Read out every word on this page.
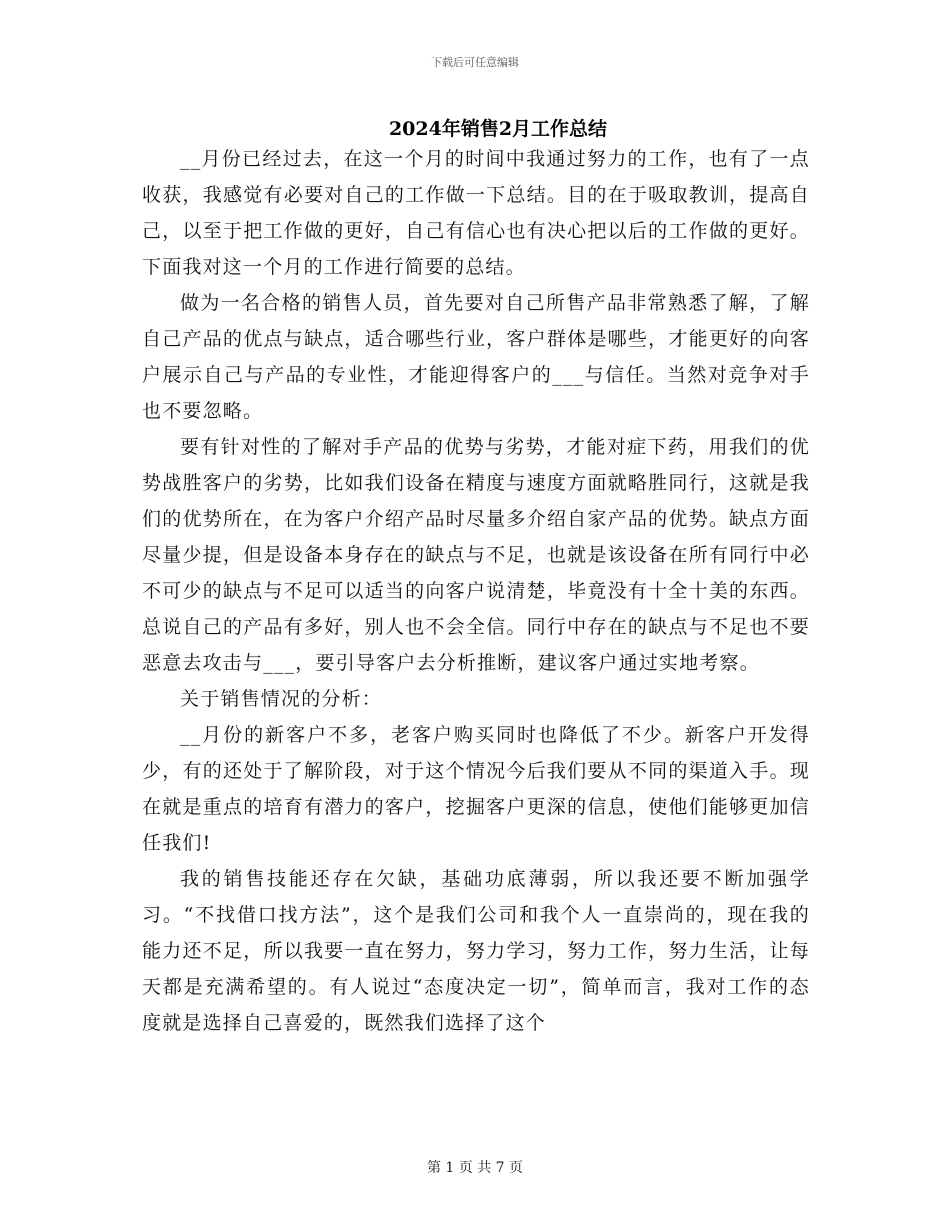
下载后可任意编辑
2024年销售2月工作总结

__月份已经过去，在这一个月的时间中我通过努力的工作，也有了一点收获，我感觉有必要对自己的工作做一下总结。目的在于吸取教训，提高自己，以至于把工作做的更好，自己有信心也有决心把以后的工作做的更好。下面我对这一个月的工作进行简要的总结。

做为一名合格的销售人员，首先要对自己所售产品非常熟悉了解，了解自己产品的优点与缺点，适合哪些行业，客户群体是哪些，才能更好的向客户展示自己与产品的专业性，才能迎得客户的___与信任。当然对竞争对手也不要忽略。

要有针对性的了解对手产品的优势与劣势，才能对症下药，用我们的优势战胜客户的劣势，比如我们设备在精度与速度方面就略胜同行，这就是我们的优势所在，在为客户介绍产品时尽量多介绍自家产品的优势。缺点方面尽量少提，但是设备本身存在的缺点与不足，也就是该设备在所有同行中必不可少的缺点与不足可以适当的向客户说清楚，毕竟没有十全十美的东西。总说自己的产品有多好，别人也不会全信。同行中存在的缺点与不足也不要恶意去攻击与___，要引导客户去分析推断，建议客户通过实地考察。

关于销售情况的分析：

__月份的新客户不多，老客户购买同时也降低了不少。新客户开发得少，有的还处于了解阶段，对于这个情况今后我们要从不同的渠道入手。现在就是重点的培育有潜力的客户，挖掘客户更深的信息，使他们能够更加信任我们!

我的销售技能还存在欠缺，基础功底薄弱，所以我还要不断加强学习。“不找借口找方法”，这个是我们公司和我个人一直崇尚的，现在我的能力还不足，所以我要一直在努力，努力学习，努力工作，努力生活，让每天都是充满希望的。有人说过“态度决定一切”，简单而言，我对工作的态度就是选择自己喜爱的，既然我们选择了这个

第 1 页 共 7 页
